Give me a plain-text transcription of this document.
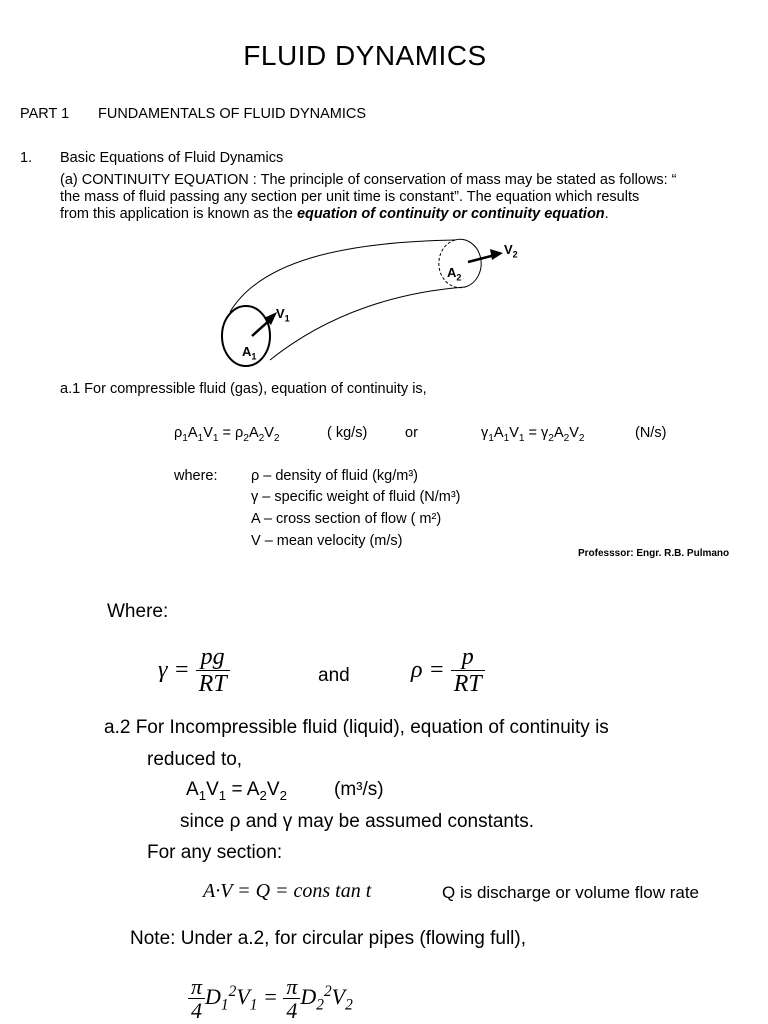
FLUID DYNAMICS
PART 1 FUNDAMENTALS OF FLUID DYNAMICS
1. Basic Equations of Fluid Dynamics
(a) CONTINUITY EQUATION : The principle of conservation of mass may be stated as follows: “
the mass of fluid passing any section per unit time is constant”. The equation which results
from this application is known as the equation of continuity or continuity equation.
$V_1$
$A_1$
$A_2$
$V_2$
a.1 For compressible fluid (gas), equation of continuity is,
$\rho_1A_1V_1 = \rho_2A_2V_2$	( kg/s)	or	$\gamma_1A_1V_1 = \gamma_2A_2V_2$	(N/s)
where: ρ – density of fluid (kg/m³)
γ – specific weight of fluid (N/m³)
A – cross section of flow ( m²)
V – mean velocity (m/s)
Professsor: Engr. R.B. Pulmano
Where:
$\gamma = \frac{pg}{RT}$	and	$\rho = \frac{p}{RT}$
a.2 For Incompressible fluid (liquid), equation of continuity is
reduced to,
$A_1V_1 = A_2V_2$ (m³/s)
since ρ and γ may be assumed constants.
For any section:
A·V = Q = cons tan t	Q is discharge or volume flow rate
Note: Under a.2, for circular pipes (flowing full),
$\frac{\pi}{4} D_1^2V_1 = \frac{\pi}{4} D_2^2V_2$
